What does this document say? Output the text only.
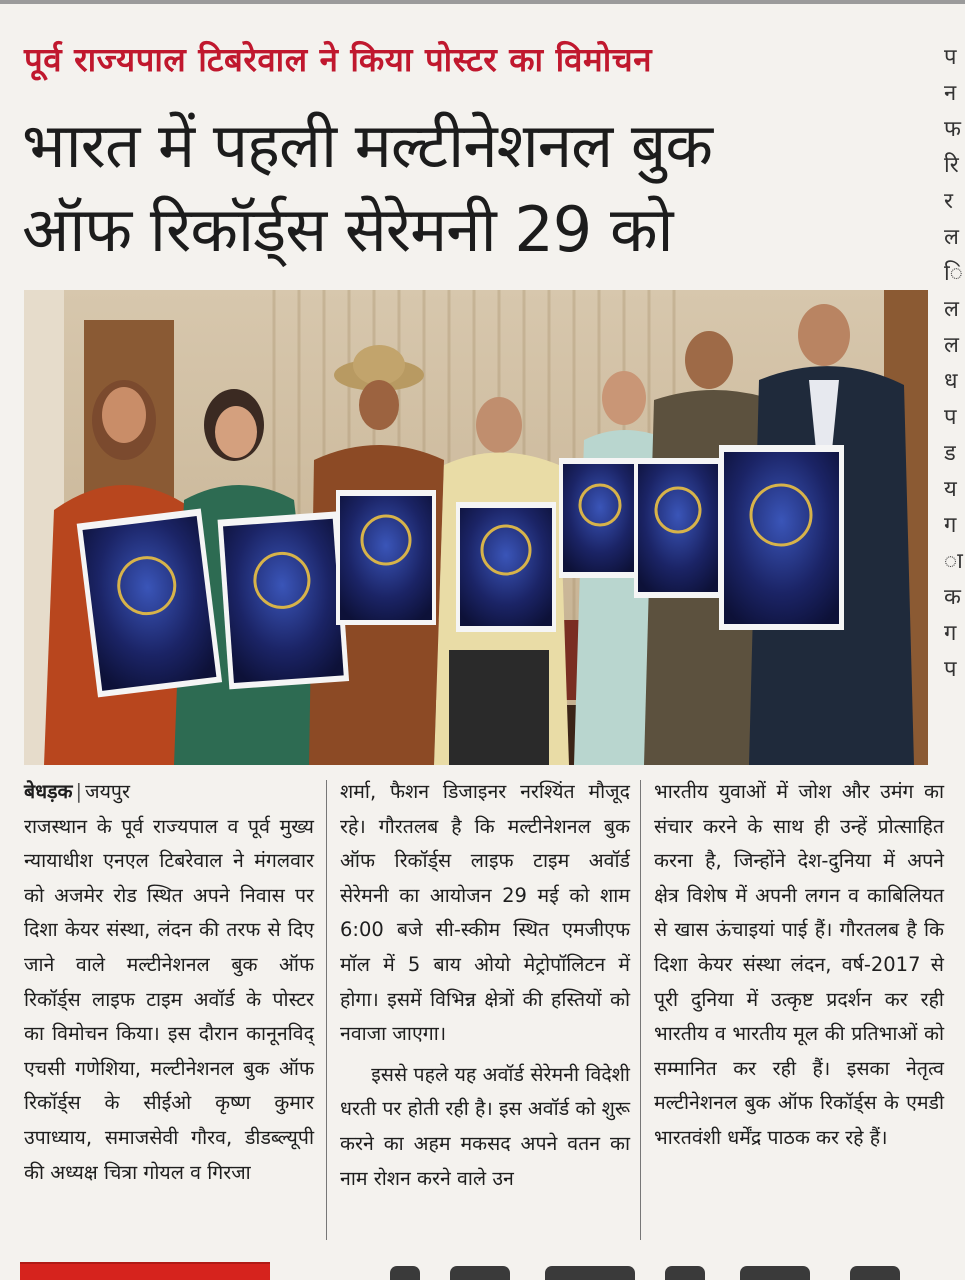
पूर्व राज्यपाल टिबरेवाल ने किया पोस्टर का विमोचन
भारत में पहली मल्टीनेशनल बुक
ऑफ रिकॉर्ड्स सेरेमनी 29 को
प
न
फ
रि
र
ल
ि
ल
ल
ध
प
ड
य
ग
ा
क
ग
प
बेधड़क | जयपुर

राजस्थान के पूर्व राज्यपाल व पूर्व मुख्य न्यायाधीश एनएल टिबरेवाल ने मंगलवार को अजमेर रोड स्थित अपने निवास पर दिशा केयर संस्था, लंदन की तरफ से दिए जाने वाले मल्टीनेशनल बुक ऑफ रिकॉर्ड्स लाइफ टाइम अवॉर्ड के पोस्टर का विमोचन किया। इस दौरान कानूनविद् एचसी गणेशिया, मल्टीनेशनल बुक ऑफ रिकॉर्ड्स के सीईओ कृष्ण कुमार उपाध्याय, समाजसेवी गौरव, डीडब्ल्यूपी की अध्यक्ष चित्रा गोयल व गिरजा

शर्मा, फैशन डिजाइनर नरश्यिंत मौजूद रहे। गौरतलब है कि मल्टीनेशनल बुक ऑफ रिकॉर्ड्स लाइफ टाइम अवॉर्ड सेरेमनी का आयोजन 29 मई को शाम 6:00 बजे सी-स्कीम स्थित एमजीएफ मॉल में 5 बाय ओयो मेट्रोपॉलिटन में होगा। इसमें विभिन्न क्षेत्रों की हस्तियों को नवाजा जाएगा।

इससे पहले यह अवॉर्ड सेरेमनी विदेशी धरती पर होती रही है। इस अवॉर्ड को शुरू करने का अहम मकसद अपने वतन का नाम रोशन करने वाले उन

भारतीय युवाओं में जोश और उमंग का संचार करने के साथ ही उन्हें प्रोत्साहित करना है, जिन्होंने देश-दुनिया में अपने क्षेत्र विशेष में अपनी लगन व काबिलियत से खास ऊंचाइयां पाई हैं। गौरतलब है कि दिशा केयर संस्था लंदन, वर्ष-2017 से पूरी दुनिया में उत्कृष्ट प्रदर्शन कर रही भारतीय व भारतीय मूल की प्रतिभाओं को सम्मानित कर रही हैं। इसका नेतृत्व मल्टीनेशनल बुक ऑफ रिकॉर्ड्स के एमडी भारतवंशी धर्मेंद्र पाठक कर रहे हैं।
